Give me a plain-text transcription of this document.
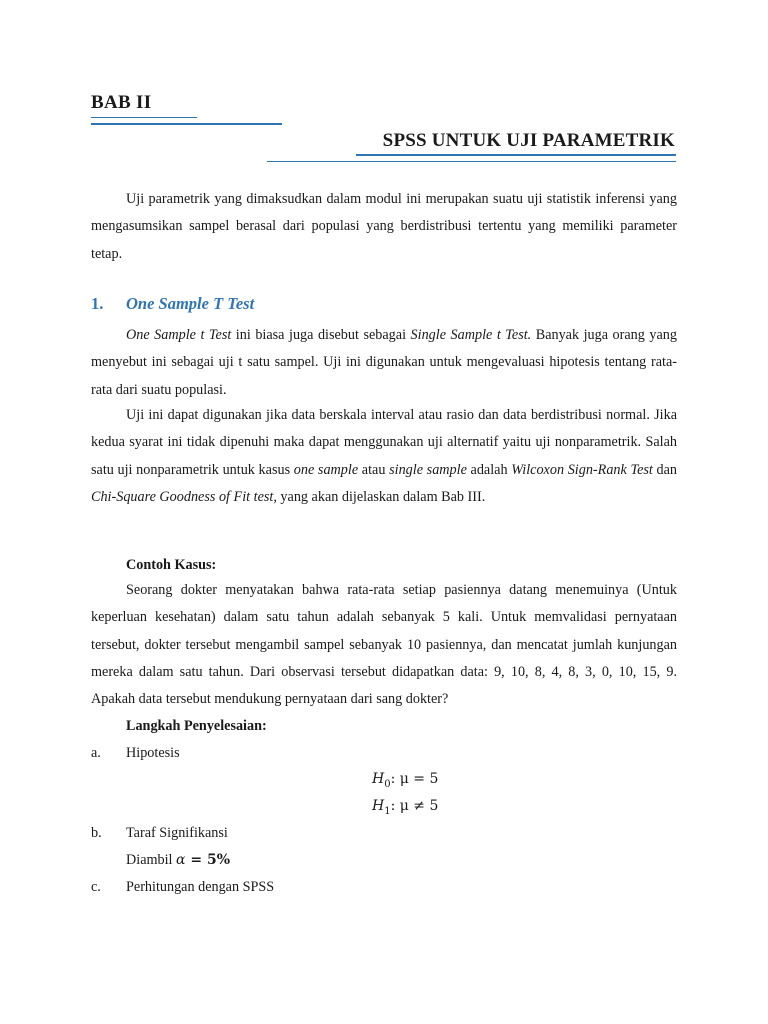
BAB II
SPSS UNTUK UJI PARAMETRIK

Uji parametrik yang dimaksudkan dalam modul ini merupakan suatu uji statistik inferensi yang mengasumsikan sampel berasal dari populasi yang berdistribusi tertentu yang memiliki parameter tetap.

1. One Sample T Test

One Sample t Test ini biasa juga disebut sebagai Single Sample t Test. Banyak juga orang yang menyebut ini sebagai uji t satu sampel. Uji ini digunakan untuk mengevaluasi hipotesis tentang rata-rata dari suatu populasi.

Uji ini dapat digunakan jika data berskala interval atau rasio dan data berdistribusi normal. Jika kedua syarat ini tidak dipenuhi maka dapat menggunakan uji alternatif yaitu uji nonparametrik. Salah satu uji nonparametrik untuk kasus one sample atau single sample adalah Wilcoxon Sign-Rank Test dan Chi-Square Goodness of Fit test, yang akan dijelaskan dalam Bab III.

Contoh Kasus:

Seorang dokter menyatakan bahwa rata-rata setiap pasiennya datang menemuinya (Untuk keperluan kesehatan) dalam satu tahun adalah sebanyak 5 kali. Untuk memvalidasi pernyataan tersebut, dokter tersebut mengambil sampel sebanyak 10 pasiennya, dan mencatat jumlah kunjungan mereka dalam satu tahun. Dari observasi tersebut didapatkan data: 9, 10, 8, 4, 8, 3, 0, 10, 15, 9. Apakah data tersebut mendukung pernyataan dari sang dokter?

Langkah Penyelesaian:
a. Hipotesis
$H_0$: μ = 5
$H_1$: μ ≠ 5
b. Taraf Signifikansi
Diambil α = 5%
c. Perhitungan dengan SPSS
